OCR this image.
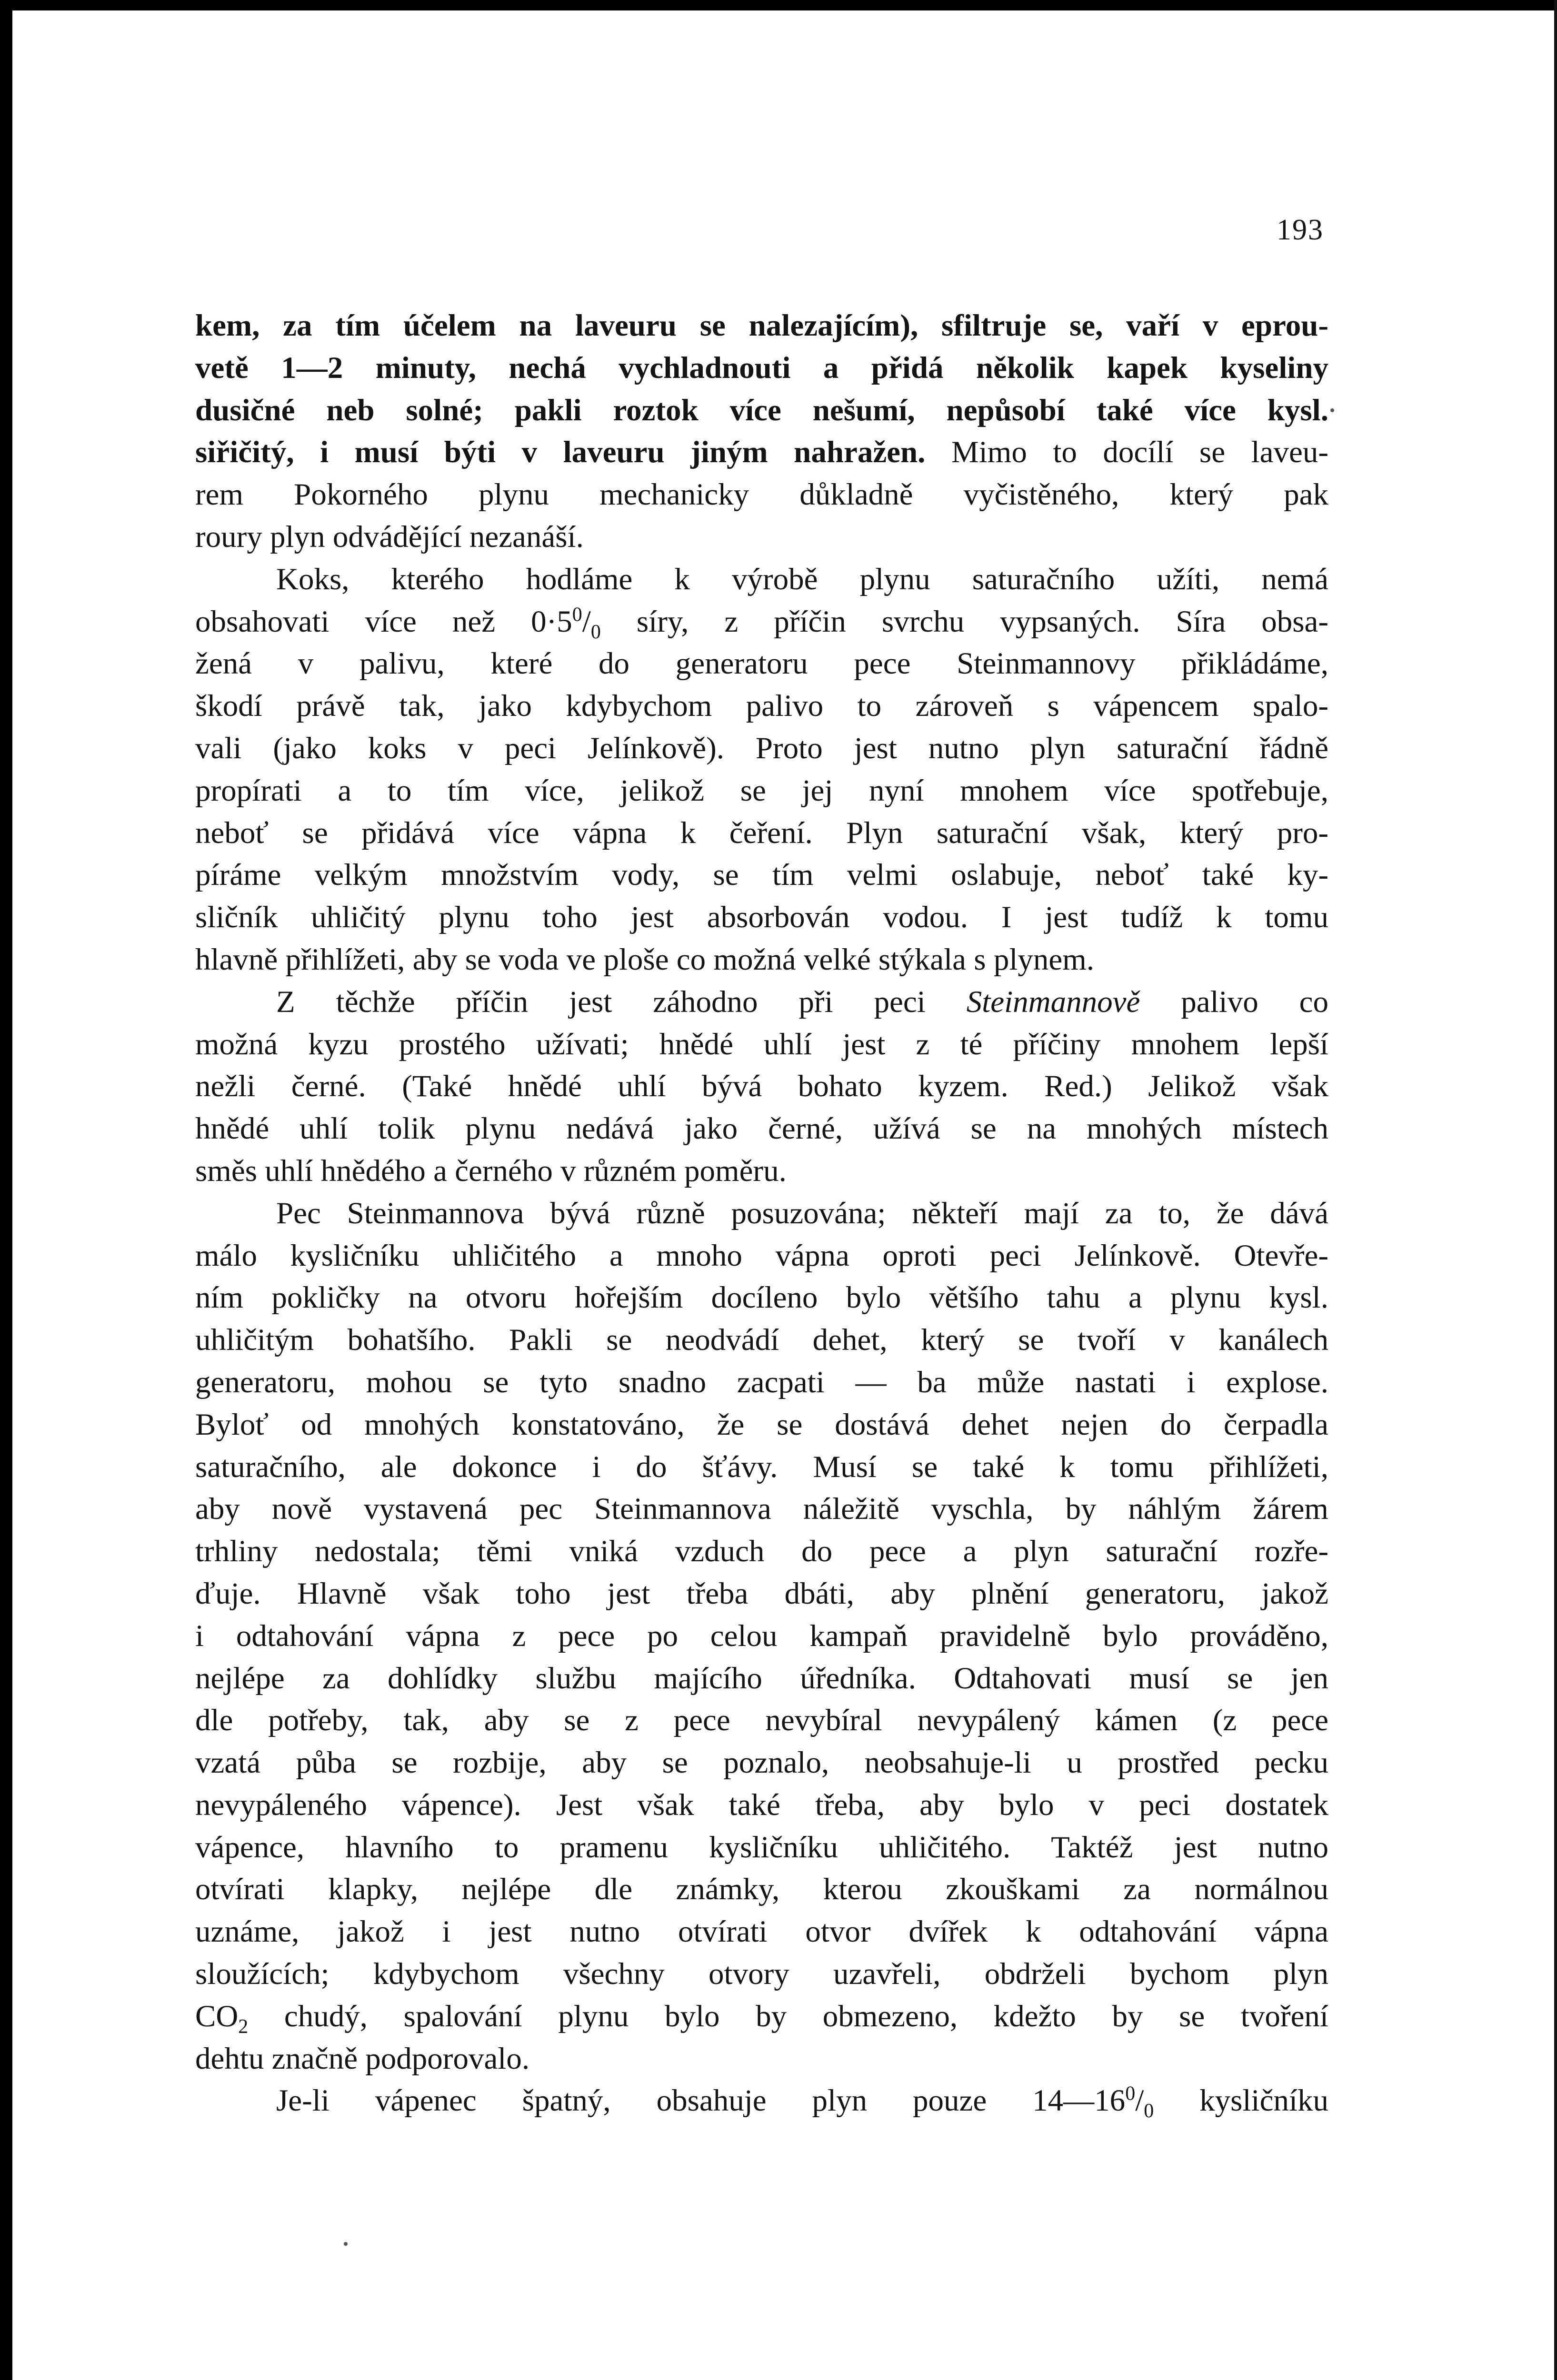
193
kem, za tím účelem na laveuru se nalezajícím), sfiltruje se, vaří v eprou-
vetě 1—2 minuty, nechá vychladnouti a přidá několik kapek kyseliny
dusičné neb solné; pakli roztok více nešumí, nepůsobí také více kysl.
siřičitý, i musí býti v laveuru jiným nahražen. Mimo to docílí se laveu-
rem Pokorného plynu mechanicky důkladně vyčistěného, který pak
roury plyn odvádějící nezanáší.
Koks, kterého hodláme k výrobě plynu saturačního užíti, nemá
obsahovati více než $0\cdot 5^0/_0$ síry, z příčin svrchu vypsaných. Síra obsa-
žená v palivu, které do generatoru pece Steinmannovy přikládáme,
škodí právě tak, jako kdybychom palivo to zároveň s vápencem spalo-
vali (jako koks v peci Jelínkově). Proto jest nutno plyn saturační řádně
propírati a to tím více, jelikož se jej nyní mnohem více spotřebuje,
neboť se přidává více vápna k čeření. Plyn saturační však, který pro-
píráme velkým množstvím vody, se tím velmi oslabuje, neboť také ky-
sličník uhličitý plynu toho jest absorbován vodou. I jest tudíž k tomu
hlavně přihlížeti, aby se voda ve ploše co možná velké stýkala s plynem.
Z těchže příčin jest záhodno při peci Steinmannově palivo co
možná kyzu prostého užívati; hnědé uhlí jest z té příčiny mnohem lepší
nežli černé. (Také hnědé uhlí bývá bohato kyzem. Red.) Jelikož však
hnědé uhlí tolik plynu nedává jako černé, užívá se na mnohých místech
směs uhlí hnědého a černého v různém poměru.
Pec Steinmannova bývá různě posuzována; někteří mají za to, že dává
málo kysličníku uhličitého a mnoho vápna oproti peci Jelínkově. Otevře-
ním pokličky na otvoru hořejším docíleno bylo většího tahu a plynu kysl.
uhličitým bohatšího. Pakli se neodvádí dehet, který se tvoří v kanálech
generatoru, mohou se tyto snadno zacpati — ba může nastati i explose.
Byloť od mnohých konstatováno, že se dostává dehet nejen do čerpadla
saturačního, ale dokonce i do šťávy. Musí se také k tomu přihlížeti,
aby nově vystavená pec Steinmannova náležitě vyschla, by náhlým žárem
trhliny nedostala; těmi vniká vzduch do pece a plyn saturační rozře-
ďuje. Hlavně však toho jest třeba dbáti, aby plnění generatoru, jakož
i odtahování vápna z pece po celou kampaň pravidelně bylo prováděno,
nejlépe za dohlídky službu majícího úředníka. Odtahovati musí se jen
dle potřeby, tak, aby se z pece nevybíral nevypálený kámen (z pece
vzatá půba se rozbije, aby se poznalo, neobsahuje-li u prostřed pecku
nevypáleného vápence). Jest však také třeba, aby bylo v peci dostatek
vápence, hlavního to pramenu kysličníku uhličitého. Taktéž jest nutno
otvírati klapky, nejlépe dle známky, kterou zkouškami za normálnou
uznáme, jakož i jest nutno otvírati otvor dvířek k odtahování vápna
sloužících; kdybychom všechny otvory uzavřeli, obdrželi bychom plyn
$CO_2$ chudý, spalování plynu bylo by obmezeno, kdežto by se tvoření
dehtu značně podporovalo.
Je-li vápenec špatný, obsahuje plyn pouze $14—16^0/_0$ kysličníku
